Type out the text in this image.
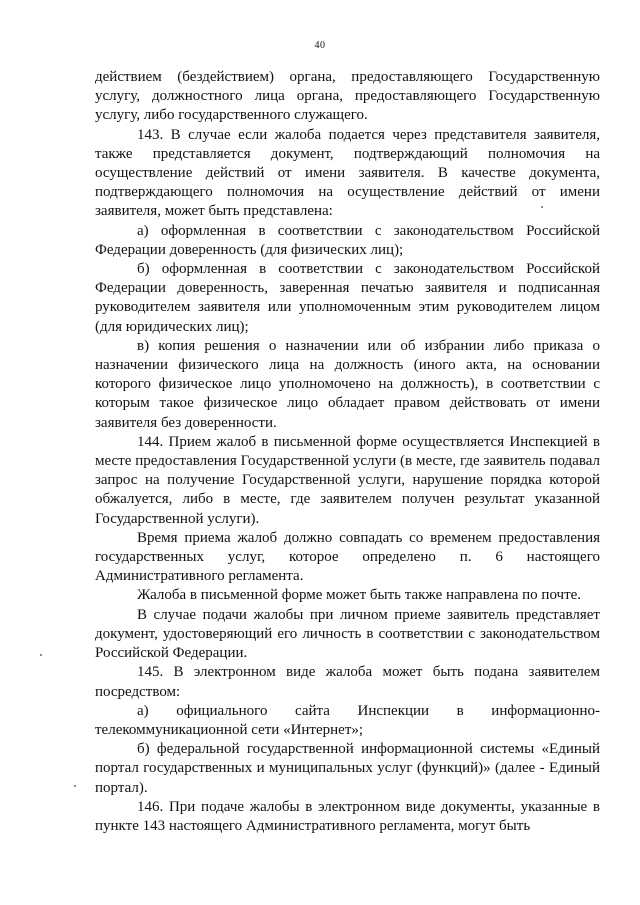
40

действием (бездействием) органа, предоставляющего Государственную услугу, должностного лица органа, предоставляющего Государственную услугу, либо государственного служащего.

143. В случае если жалоба подается через представителя заявителя, также представляется документ, подтверждающий полномочия на осуществление действий от имени заявителя. В качестве документа, подтверждающего полномочия на осуществление действий от имени заявителя, может быть представлена:

а) оформленная в соответствии с законодательством Российской Федерации доверенность (для физических лиц);

б) оформленная в соответствии с законодательством Российской Федерации доверенность, заверенная печатью заявителя и подписанная руководителем заявителя или уполномоченным этим руководителем лицом (для юридических лиц);

в) копия решения о назначении или об избрании либо приказа о назначении физического лица на должность (иного акта, на основании которого физическое лицо уполномочено на должность), в соответствии с которым такое физическое лицо обладает правом действовать от имени заявителя без доверенности.

144. Прием жалоб в письменной форме осуществляется Инспекцией в месте предоставления Государственной услуги (в месте, где заявитель подавал запрос на получение Государственной услуги, нарушение порядка которой обжалуется, либо в месте, где заявителем получен результат указанной Государственной услуги).

Время приема жалоб должно совпадать со временем предоставления государственных услуг, которое определено п. 6 настоящего Административного регламента.

Жалоба в письменной форме может быть также направлена по почте.

В случае подачи жалобы при личном приеме заявитель представляет документ, удостоверяющий его личность в соответствии с законодательством Российской Федерации.

145. В электронном виде жалоба может быть подана заявителем посредством:

а) официального сайта Инспекции в информационно-телекоммуникационной сети «Интернет»;

б) федеральной государственной информационной системы «Единый портал государственных и муниципальных услуг (функций)» (далее - Единый портал).

146. При подаче жалобы в электронном виде документы, указанные в пункте 143 настоящего Административного регламента, могут быть
